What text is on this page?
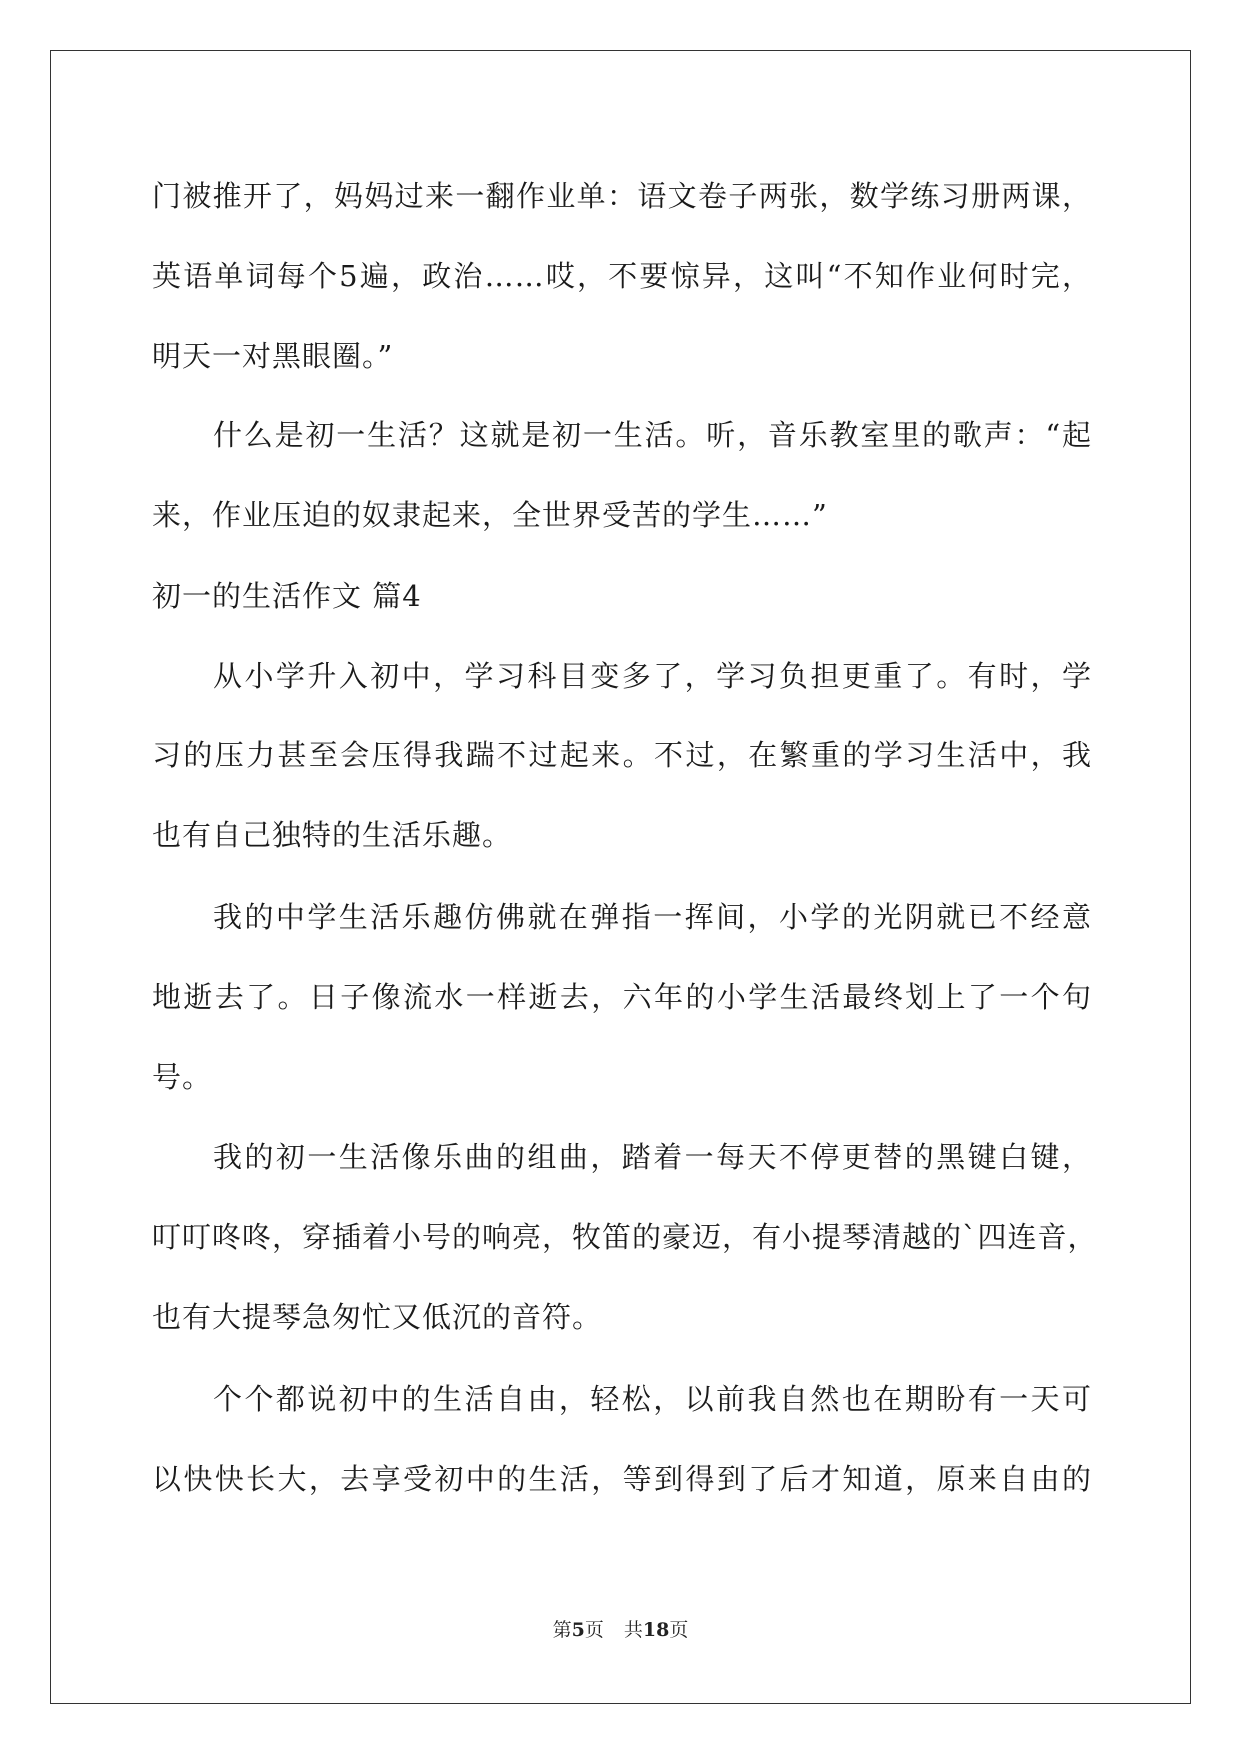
门被推开了，妈妈过来一翻作业单：语文卷子两张，数学练习册两课，
英语单词每个5遍，政治……哎，不要惊异，这叫“不知作业何时完，
明天一对黑眼圈。”
什么是初一生活？这就是初一生活。听，音乐教室里的歌声：“起
来，作业压迫的奴隶起来，全世界受苦的学生……”
初一的生活作文 篇4
从小学升入初中，学习科目变多了，学习负担更重了。有时，学
习的压力甚至会压得我踹不过起来。不过，在繁重的学习生活中，我
也有自己独特的生活乐趣。
我的中学生活乐趣仿佛就在弹指一挥间，小学的光阴就已不经意
地逝去了。日子像流水一样逝去，六年的小学生活最终划上了一个句
号。
我的初一生活像乐曲的组曲，踏着一每天不停更替的黑键白键，
叮叮咚咚，穿插着小号的响亮，牧笛的豪迈，有小提琴清越的`四连音，
也有大提琴急匆忙又低沉的音符。
个个都说初中的生活自由，轻松，以前我自然也在期盼有一天可
以快快长大，去享受初中的生活，等到得到了后才知道，原来自由的
第5页 共18页
